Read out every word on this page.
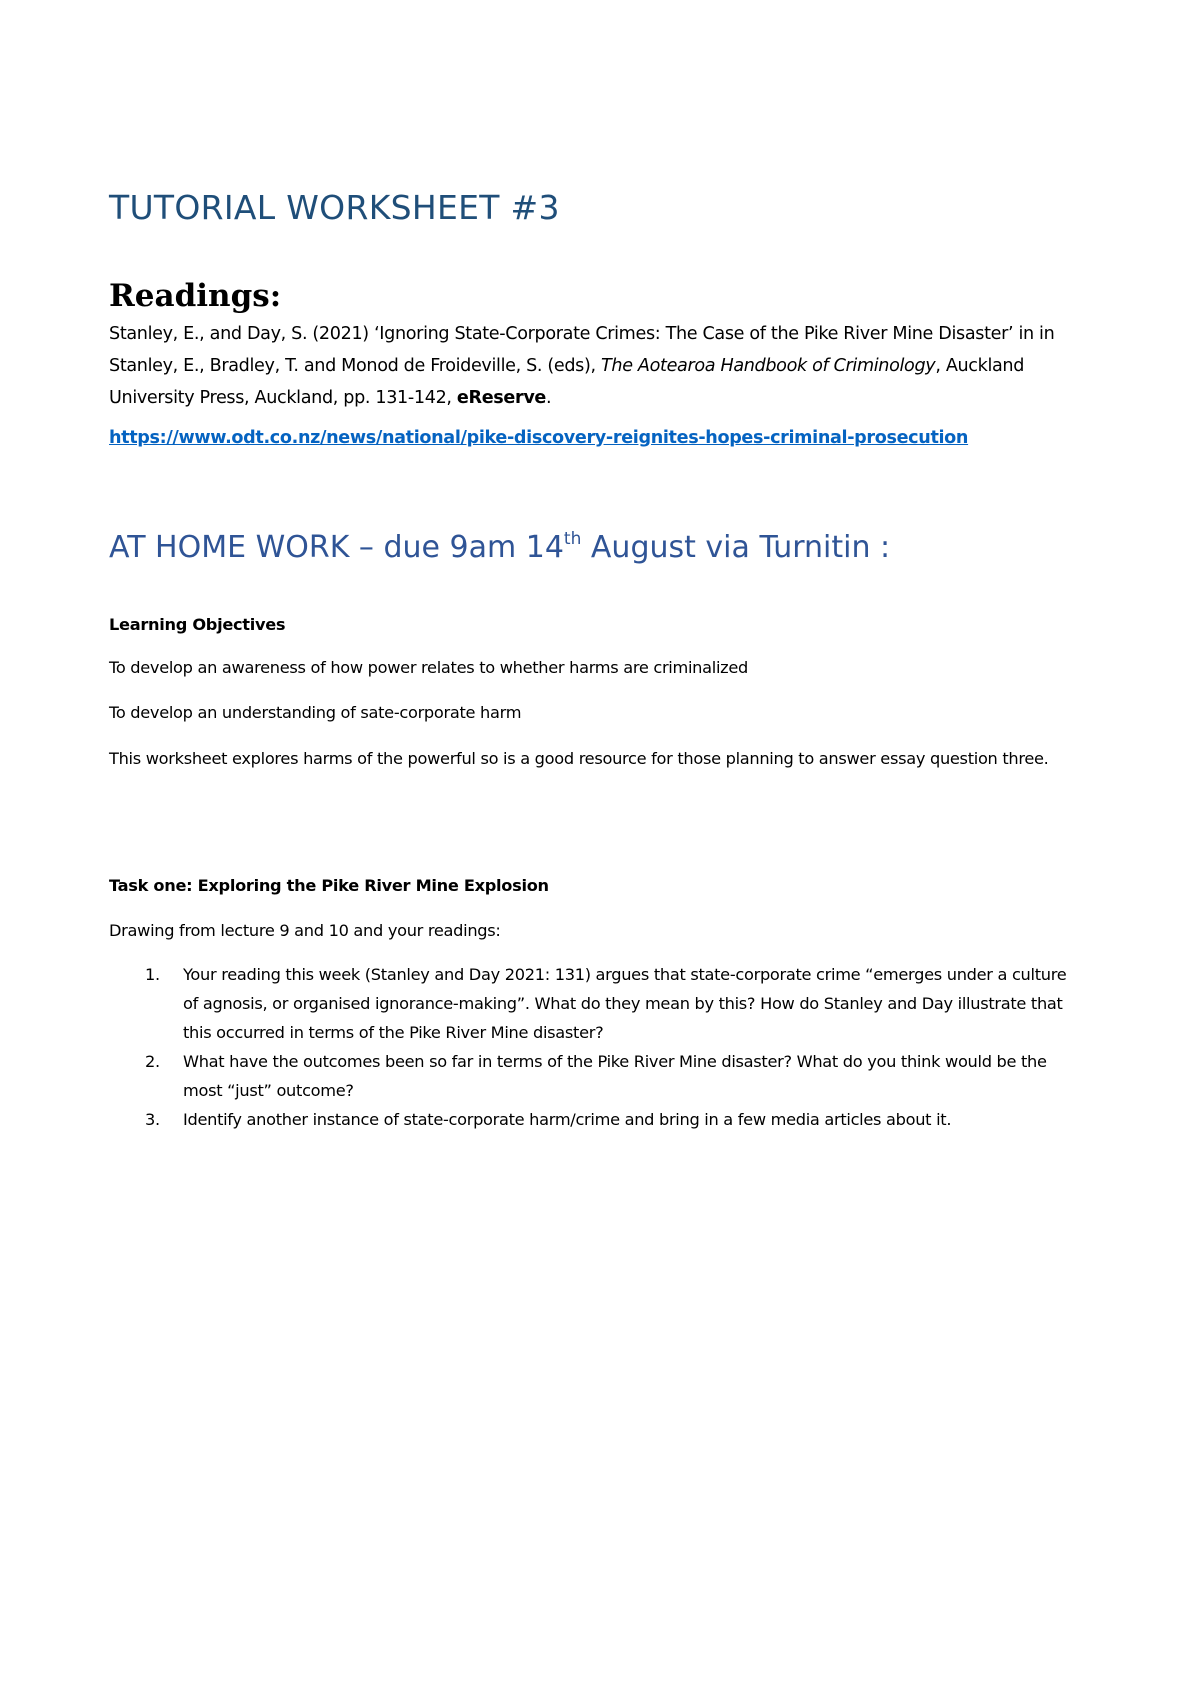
TUTORIAL WORKSHEET #3
Readings:

Stanley, E., and Day, S. (2021) ‘Ignoring State-Corporate Crimes: The Case of the Pike River Mine Disaster’ in in Stanley, E., Bradley, T. and Monod de Froideville, S. (eds), The Aotearoa Handbook of Criminology, Auckland University Press, Auckland, pp. 131-142, eReserve.

https://www.odt.co.nz/news/national/pike-discovery-reignites-hopes-criminal-prosecution
AT HOME WORK – due 9am 14th August via Turnitin :

Learning Objectives

To develop an awareness of how power relates to whether harms are criminalized

To develop an understanding of sate-corporate harm

This worksheet explores harms of the powerful so is a good resource for those planning to answer essay question three.

Task one: Exploring the Pike River Mine Explosion

Drawing from lecture 9 and 10 and your readings:

1. Your reading this week (Stanley and Day 2021: 131) argues that state-corporate crime “emerges under a culture of agnosis, or organised ignorance-making”. What do they mean by this? How do Stanley and Day illustrate that this occurred in terms of the Pike River Mine disaster?
2. What have the outcomes been so far in terms of the Pike River Mine disaster? What do you think would be the most “just” outcome?
3. Identify another instance of state-corporate harm/crime and bring in a few media articles about it.
